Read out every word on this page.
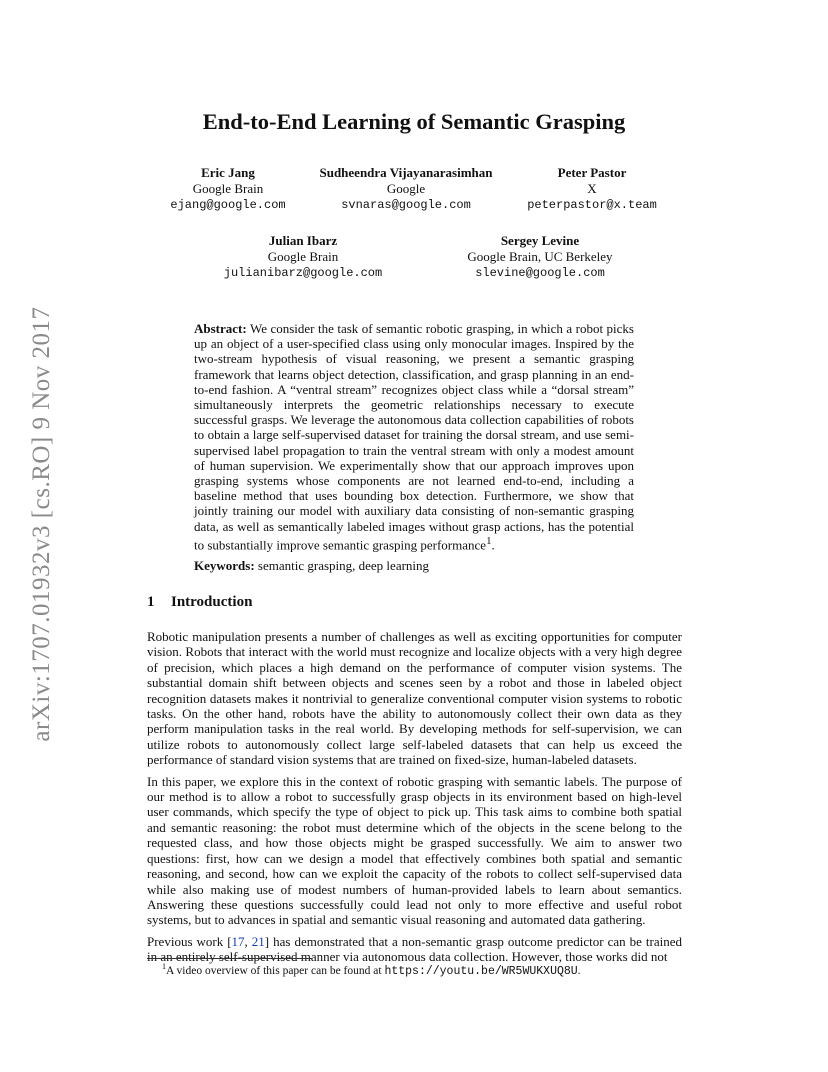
arXiv:1707.01932v3 [cs.RO] 9 Nov 2017
End-to-End Learning of Semantic Grasping
Eric Jang
Google Brain
ejang@google.com
Sudheendra Vijayanarasimhan
Google
svnaras@google.com
Peter Pastor
X
peterpastor@x.team
Julian Ibarz
Google Brain
julianibarz@google.com
Sergey Levine
Google Brain, UC Berkeley
slevine@google.com

Abstract: We consider the task of semantic robotic grasping, in which a robot picks up an object of a user-specified class using only monocular images. Inspired by the two-stream hypothesis of visual reasoning, we present a semantic grasping framework that learns object detection, classification, and grasp planning in an end-to-end fashion. A “ventral stream” recognizes object class while a “dorsal stream” simultaneously interprets the geometric relationships necessary to execute successful grasps. We leverage the autonomous data collection capabilities of robots to obtain a large self-supervised dataset for training the dorsal stream, and use semi-supervised label propagation to train the ventral stream with only a modest amount of human supervision. We experimentally show that our approach improves upon grasping systems whose components are not learned end-to-end, including a baseline method that uses bounding box detection. Furthermore, we show that jointly training our model with auxiliary data consisting of non-semantic grasping data, as well as semantically labeled images without grasp actions, has the potential to substantially improve semantic grasping performance$^1$.

Keywords: semantic grasping, deep learning
1 Introduction

Robotic manipulation presents a number of challenges as well as exciting opportunities for computer vision. Robots that interact with the world must recognize and localize objects with a very high degree of precision, which places a high demand on the performance of computer vision systems. The substantial domain shift between objects and scenes seen by a robot and those in labeled object recognition datasets makes it nontrivial to generalize conventional computer vision systems to robotic tasks. On the other hand, robots have the ability to autonomously collect their own data as they perform manipulation tasks in the real world. By developing methods for self-supervision, we can utilize robots to autonomously collect large self-labeled datasets that can help us exceed the performance of standard vision systems that are trained on fixed-size, human-labeled datasets.

In this paper, we explore this in the context of robotic grasping with semantic labels. The purpose of our method is to allow a robot to successfully grasp objects in its environment based on high-level user commands, which specify the type of object to pick up. This task aims to combine both spatial and semantic reasoning: the robot must determine which of the objects in the scene belong to the requested class, and how those objects might be grasped successfully. We aim to answer two questions: first, how can we design a model that effectively combines both spatial and semantic reasoning, and second, how can we exploit the capacity of the robots to collect self-supervised data while also making use of modest numbers of human-provided labels to learn about semantics. Answering these questions successfully could lead not only to more effective and useful robot systems, but to advances in spatial and semantic visual reasoning and automated data gathering.

Previous work [17, 21] has demonstrated that a non-semantic grasp outcome predictor can be trained in an entirely self-supervised manner via autonomous data collection. However, those works did not

$^1$A video overview of this paper can be found at https://youtu.be/WR5WUKXUQ8U.
